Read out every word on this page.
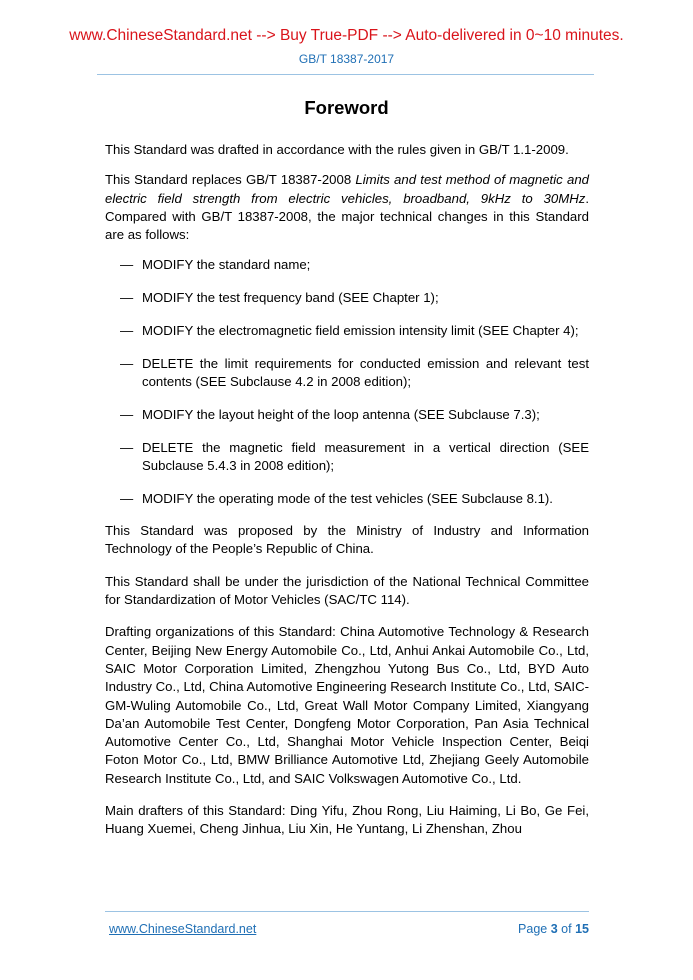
www.ChineseStandard.net --> Buy True-PDF --> Auto-delivered in 0~10 minutes.
GB/T 18387-2017
Foreword

This Standard was drafted in accordance with the rules given in GB/T 1.1-2009.

This Standard replaces GB/T 18387-2008 Limits and test method of magnetic and electric field strength from electric vehicles, broadband, 9kHz to 30MHz. Compared with GB/T 18387-2008, the major technical changes in this Standard are as follows:

— MODIFY the standard name;
— MODIFY the test frequency band (SEE Chapter 1);
— MODIFY the electromagnetic field emission intensity limit (SEE Chapter 4);
— DELETE the limit requirements for conducted emission and relevant test contents (SEE Subclause 4.2 in 2008 edition);
— MODIFY the layout height of the loop antenna (SEE Subclause 7.3);
— DELETE the magnetic field measurement in a vertical direction (SEE Subclause 5.4.3 in 2008 edition);
— MODIFY the operating mode of the test vehicles (SEE Subclause 8.1).

This Standard was proposed by the Ministry of Industry and Information Technology of the People’s Republic of China.

This Standard shall be under the jurisdiction of the National Technical Committee for Standardization of Motor Vehicles (SAC/TC 114).

Drafting organizations of this Standard: China Automotive Technology & Research Center, Beijing New Energy Automobile Co., Ltd, Anhui Ankai Automobile Co., Ltd, SAIC Motor Corporation Limited, Zhengzhou Yutong Bus Co., Ltd, BYD Auto Industry Co., Ltd, China Automotive Engineering Research Institute Co., Ltd, SAIC-GM-Wuling Automobile Co., Ltd, Great Wall Motor Company Limited, Xiangyang Da’an Automobile Test Center, Dongfeng Motor Corporation, Pan Asia Technical Automotive Center Co., Ltd, Shanghai Motor Vehicle Inspection Center, Beiqi Foton Motor Co., Ltd, BMW Brilliance Automotive Ltd, Zhejiang Geely Automobile Research Institute Co., Ltd, and SAIC Volkswagen Automotive Co., Ltd.

Main drafters of this Standard: Ding Yifu, Zhou Rong, Liu Haiming, Li Bo, Ge Fei, Huang Xuemei, Cheng Jinhua, Liu Xin, He Yuntang, Li Zhenshan, Zhou

www.ChineseStandard.net	Page 3 of 15
